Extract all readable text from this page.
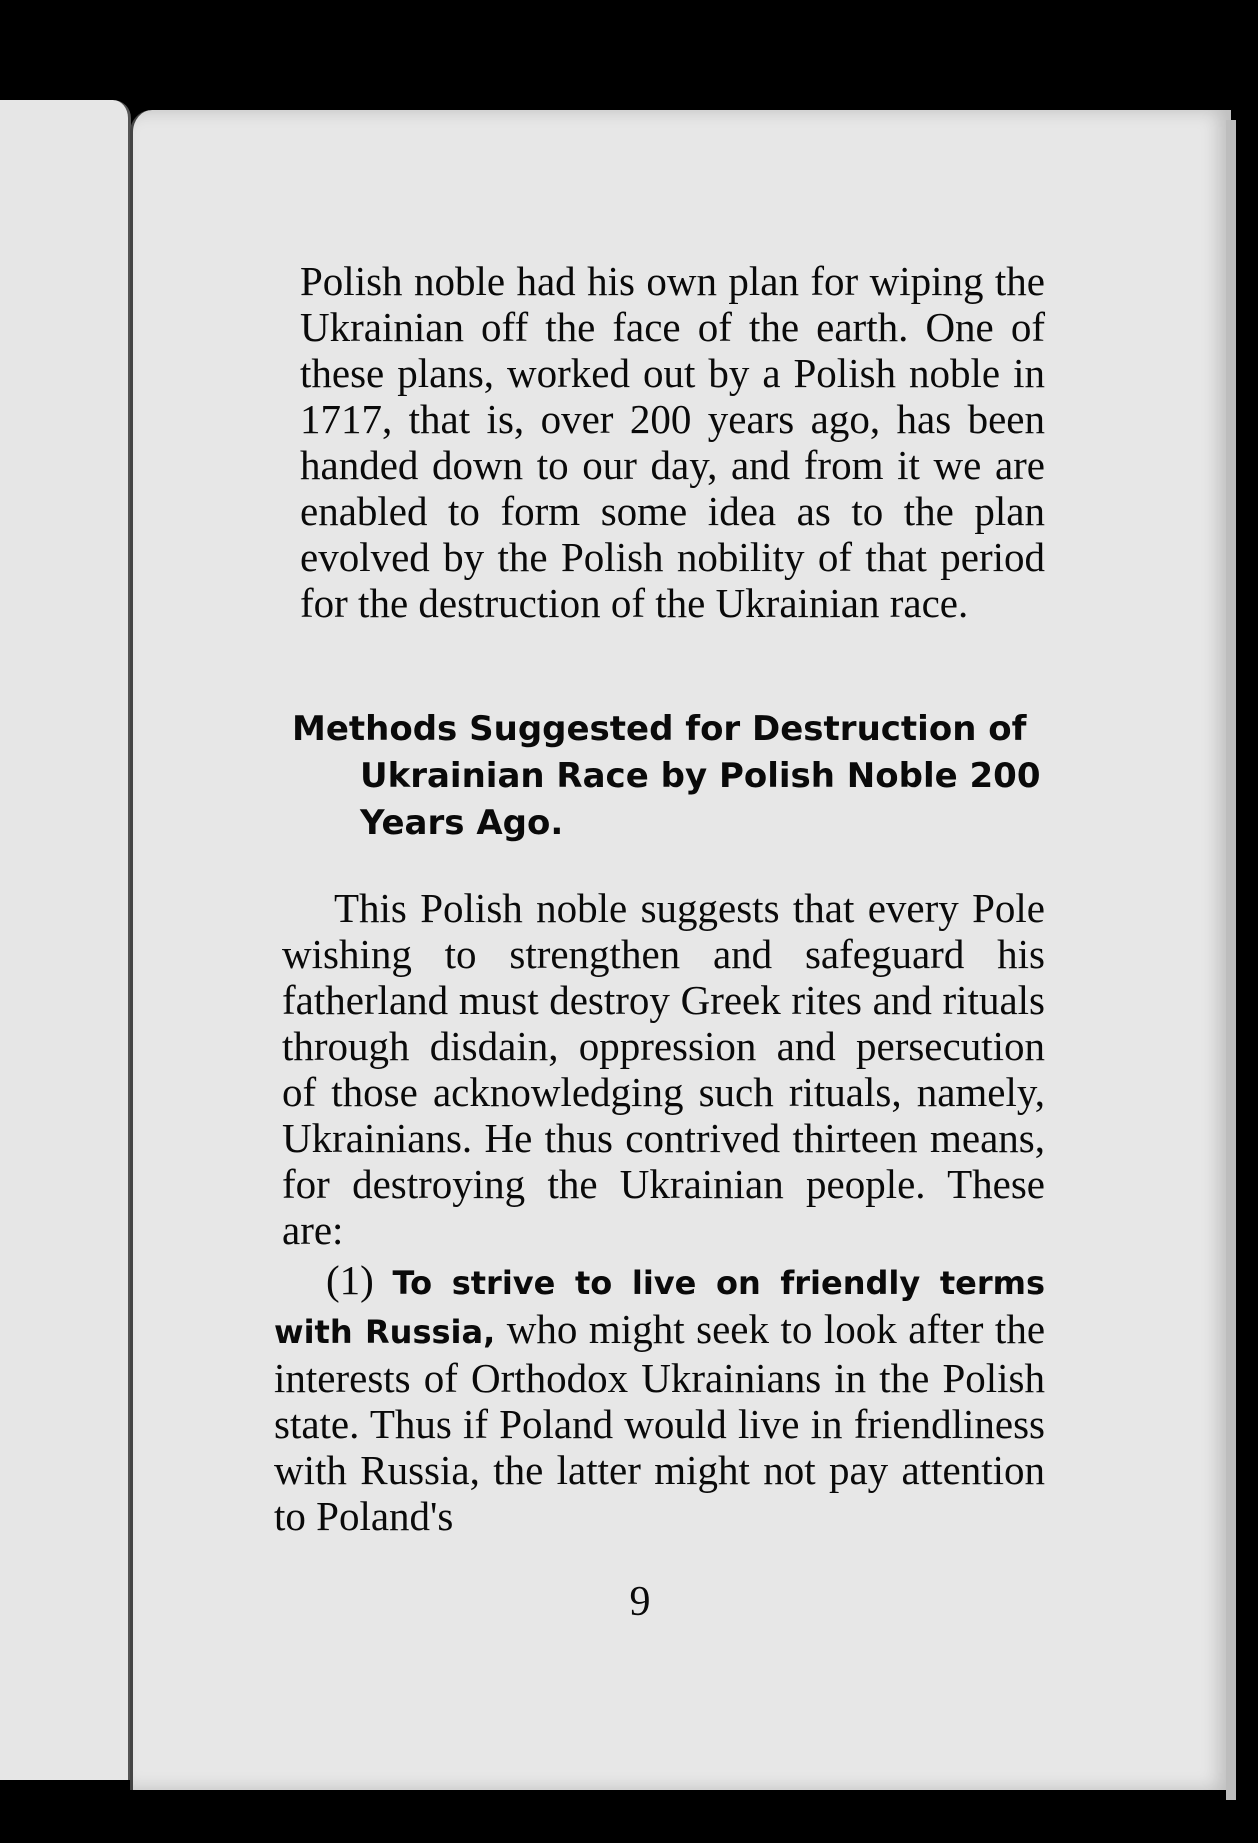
Polish noble had his own plan for wiping the Ukrainian off the face of the earth. One of these plans, worked out by a Polish noble in 1717, that is, over 200 years ago, has been handed down to our day, and from it we are enabled to form some idea as to the plan evolved by the Polish nobility of that period for the destruction of the Ukrainian race.

Methods Suggested for Destruction of Ukrainian Race by Polish Noble 200 Years Ago.

This Polish noble suggests that every Pole wishing to strengthen and safeguard his fatherland must destroy Greek rites and rituals through disdain, oppression and persecution of those acknowledging such rituals, namely, Ukrainians. He thus contrived thirteen means, for destroying the Ukrainian people. These are:

(1) To strive to live on friendly terms with Russia, who might seek to look after the interests of Orthodox Ukrainians in the Polish state. Thus if Poland would live in friendliness with Russia, the latter might not pay attention to Poland's

9
